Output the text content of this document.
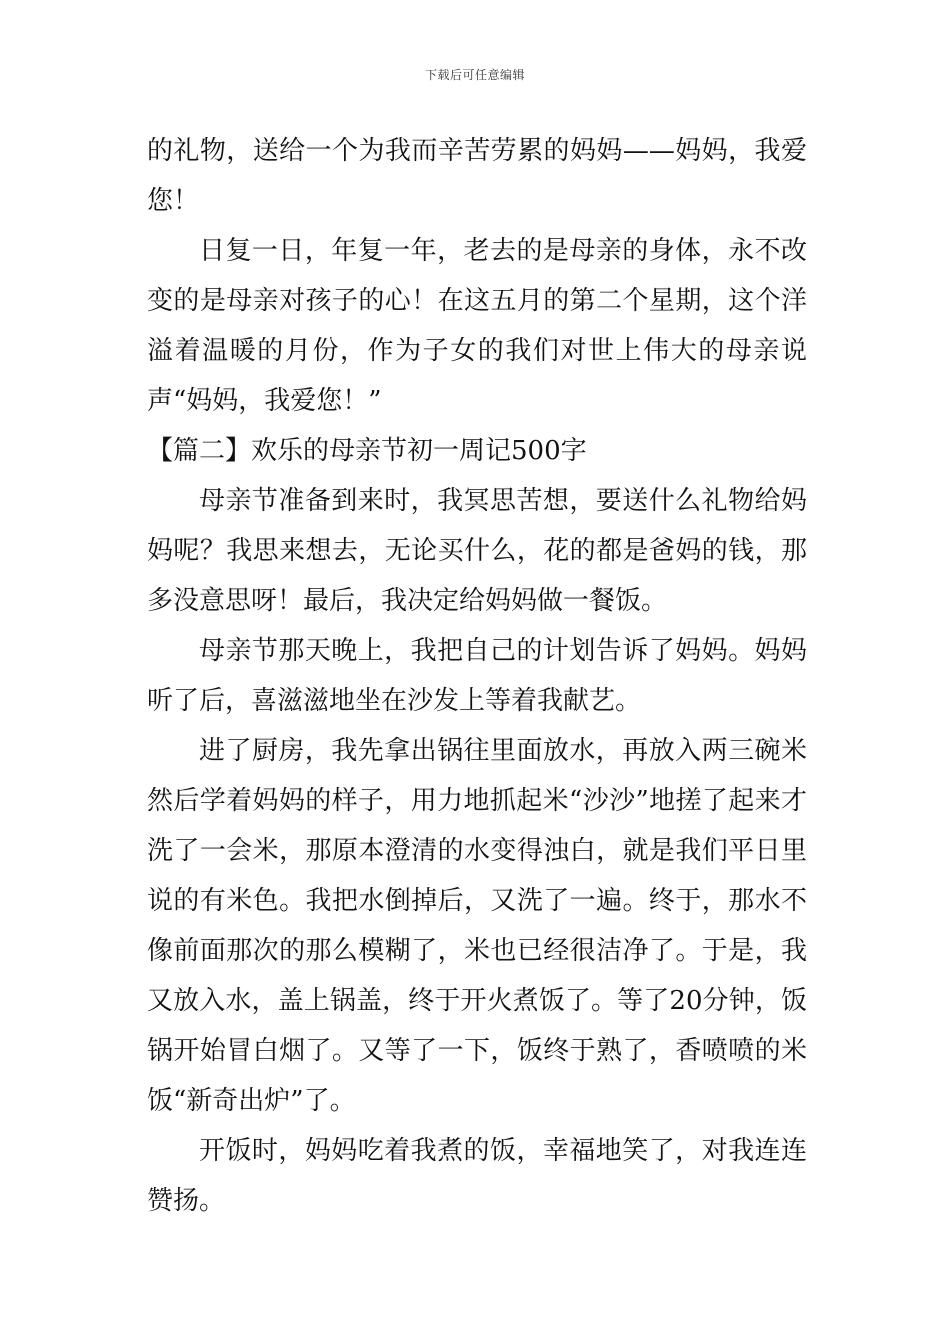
下载后可任意编辑

的礼物，送给一个为我而辛苦劳累的妈妈——妈妈，我爱您！

日复一日，年复一年，老去的是母亲的身体，永不改变的是母亲对孩子的心！在这五月的第二个星期，这个洋溢着温暖的月份，作为子女的我们对世上伟大的母亲说声“妈妈，我爱您！”

【篇二】欢乐的母亲节初一周记500字

母亲节准备到来时，我冥思苦想，要送什么礼物给妈妈呢？我思来想去，无论买什么，花的都是爸妈的钱，那多没意思呀！最后，我决定给妈妈做一餐饭。

母亲节那天晚上，我把自己的计划告诉了妈妈。妈妈听了后，喜滋滋地坐在沙发上等着我献艺。

进了厨房，我先拿出锅往里面放水，再放入两三碗米然后学着妈妈的样子，用力地抓起米“沙沙”地搓了起来才洗了一会米，那原本澄清的水变得浊白，就是我们平日里说的有米色。我把水倒掉后，又洗了一遍。终于，那水不像前面那次的那么模糊了，米也已经很洁净了。于是，我又放入水，盖上锅盖，终于开火煮饭了。等了20分钟，饭锅开始冒白烟了。又等了一下，饭终于熟了，香喷喷的米饭“新奇出炉”了。

开饭时，妈妈吃着我煮的饭，幸福地笑了，对我连连赞扬。
